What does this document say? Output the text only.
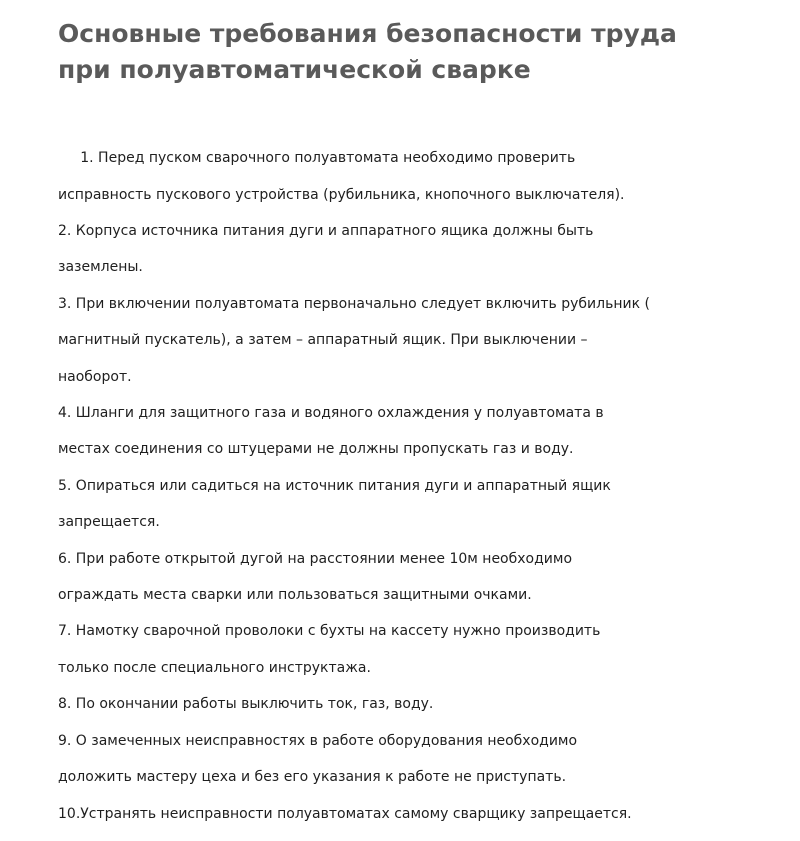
Основные требования безопасности труда
при полуавтоматической сварке

1. Перед пуском сварочного полуавтомата необходимо проверить

исправность пускового устройства (рубильника, кнопочного выключателя).

2. Корпуса источника питания дуги и аппаратного ящика должны быть

заземлены.

3. При включении полуавтомата первоначально следует включить рубильник (

магнитный пускатель), а затем – аппаратный ящик. При выключении –

наоборот.

4. Шланги для защитного газа и водяного охлаждения у полуавтомата в

местах соединения со штуцерами не должны пропускать газ и воду.

5. Опираться или садиться на источник питания дуги и аппаратный ящик

запрещается.

6. При работе открытой дугой на расстоянии менее 10м необходимо

ограждать места сварки или пользоваться защитными очками.

7. Намотку сварочной проволоки с бухты на кассету нужно производить

только после специального инструктажа.

8. По окончании работы выключить ток, газ, воду.

9. О замеченных неисправностях в работе оборудования необходимо

доложить мастеру цеха и без его указания к работе не приступать.

10.Устранять неисправности полуавтоматах самому сварщику запрещается.
